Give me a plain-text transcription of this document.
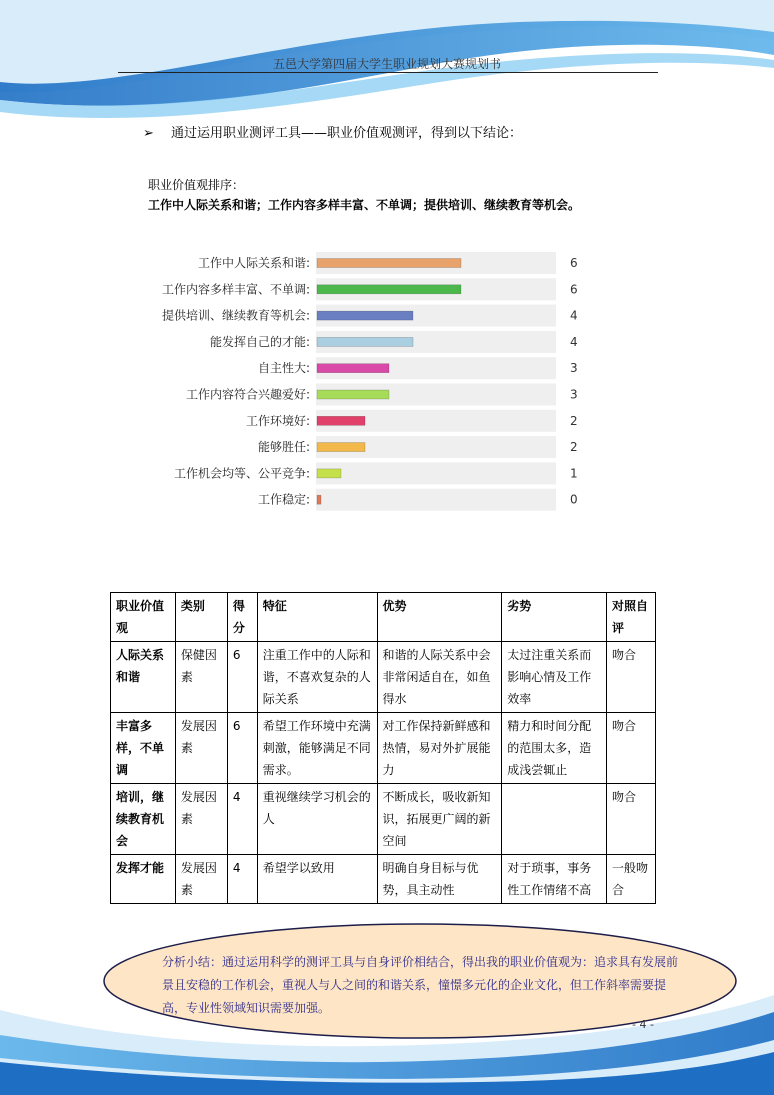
五邑大学第四届大学生职业规划大赛规划书
➢ 通过运用职业测评工具——职业价值观测评，得到以下结论：
职业价值观排序：
工作中人际关系和谐；工作内容多样丰富、不单调；提供培训、继续教育等机会。
工作中人际关系和谐:	6
工作内容多样丰富、不单调:	6
提供培训、继续教育等机会:	4
能发挥自己的才能:	4
自主性大:	3
工作内容符合兴趣爱好:	3
工作环境好:	2
能够胜任:	2
工作机会均等、公平竞争:	1
工作稳定:	0
职业价值观	类别	得分	特征	优势	劣势	对照自评
人际关系和谐	保健因素	6	注重工作中的人际和谐，不喜欢复杂的人际关系	和谐的人际关系中会非常闲适自在，如鱼得水	太过注重关系而影响心情及工作效率	吻合
丰富多样，不单调	发展因素	6	希望工作环境中充满刺激，能够满足不同需求。	对工作保持新鲜感和热情，易对外扩展能力	精力和时间分配的范围太多，造成浅尝辄止	吻合
培训，继续教育机会	发展因素	4	重视继续学习机会的人	不断成长，吸收新知识，拓展更广阔的新空间		吻合
发挥才能	发展因素	4	希望学以致用	明确自身目标与优势，具主动性	对于琐事，事务性工作情绪不高	一般吻合
分析小结：通过运用科学的测评工具与自身评价相结合，得出我的职业价值观为：追求具有发展前景且安稳的工作机会，重视人与人之间的和谐关系，憧憬多元化的企业文化，但工作斜率需要提高，专业性领域知识需要加强。
- 4 -
